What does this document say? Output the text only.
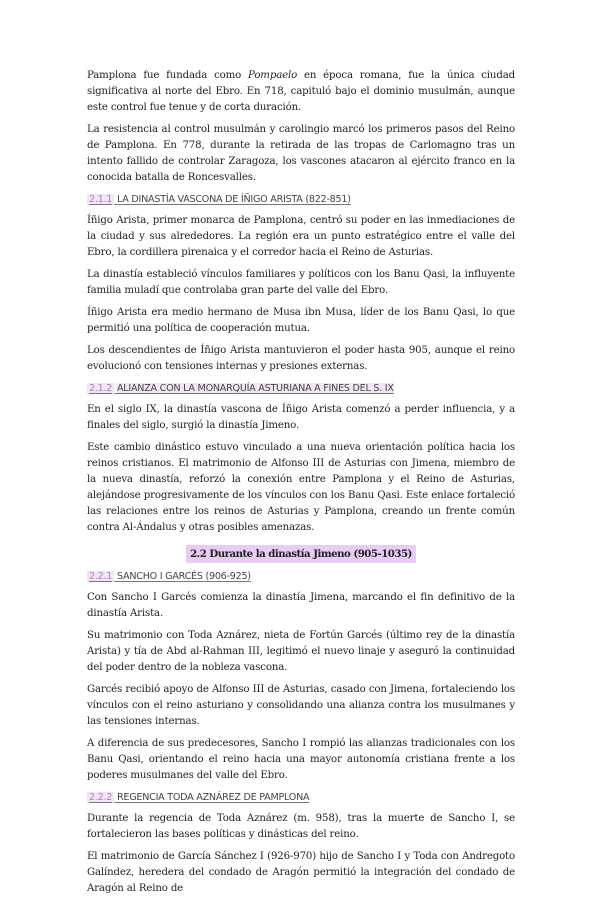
Pamplona fue fundada como Pompaelo en época romana, fue la única ciudad significativa al norte del Ebro. En 718, capituló bajo el dominio musulmán, aunque este control fue tenue y de corta duración.

La resistencia al control musulmán y carolingio marcó los primeros pasos del Reino de Pamplona. En 778, durante la retirada de las tropas de Carlomagno tras un intento fallido de controlar Zaragoza, los vascones atacaron al ejército franco en la conocida batalla de Roncesvalles.

2.1.1 LA DINASTÍA VASCONA DE ÍÑIGO ARISTA (822-851)

Íñigo Arista, primer monarca de Pamplona, centró su poder en las inmediaciones de la ciudad y sus alrededores. La región era un punto estratégico entre el valle del Ebro, la cordillera pirenaica y el corredor hacia el Reino de Asturias.

La dinastía estableció vínculos familiares y políticos con los Banu Qasi, la influyente familia muladí que controlaba gran parte del valle del Ebro.

Íñigo Arista era medio hermano de Musa ibn Musa, líder de los Banu Qasi, lo que permitió una política de cooperación mutua.

Los descendientes de Íñigo Arista mantuvieron el poder hasta 905, aunque el reino evolucionó con tensiones internas y presiones externas.

2.1.2 ALIANZA CON LA MONARQUÍA ASTURIANA A FINES DEL S. IX

En el siglo IX, la dinastía vascona de Íñigo Arista comenzó a perder influencia, y a finales del siglo, surgió la dinastía Jimeno.

Este cambio dinástico estuvo vinculado a una nueva orientación política hacia los reinos cristianos. El matrimonio de Alfonso III de Asturias con Jimena, miembro de la nueva dinastía, reforzó la conexión entre Pamplona y el Reino de Asturias, alejándose progresivamente de los vínculos con los Banu Qasi. Este enlace fortaleció las relaciones entre los reinos de Asturias y Pamplona, creando un frente común contra Al-Ándalus y otras posibles amenazas.

2.2 Durante la dinastía Jimeno (905-1035)
2.2.1 SANCHO I GARCÉS (906-925)

Con Sancho I Garcés comienza la dinastía Jimena, marcando el fin definitivo de la dinastía Arista.

Su matrimonio con Toda Aznárez, nieta de Fortún Garcés (último rey de la dinastía Arista) y tía de Abd al-Rahman III, legitimó el nuevo linaje y aseguró la continuidad del poder dentro de la nobleza vascona.

Garcés recibió apoyo de Alfonso III de Asturias, casado con Jimena, fortaleciendo los vínculos con el reino asturiano y consolidando una alianza contra los musulmanes y las tensiones internas.

A diferencia de sus predecesores, Sancho I rompió las alianzas tradicionales con los Banu Qasi, orientando el reino hacia una mayor autonomía cristiana frente a los poderes musulmanes del valle del Ebro.

2.2.2 REGENCIA TODA AZNÁREZ DE PAMPLONA

Durante la regencia de Toda Aznárez (m. 958), tras la muerte de Sancho I, se fortalecieron las bases políticas y dinásticas del reino.

El matrimonio de García Sánchez I (926-970) hijo de Sancho I y Toda con Andregoto Galíndez, heredera del condado de Aragón permitió la integración del condado de Aragón al Reino de
